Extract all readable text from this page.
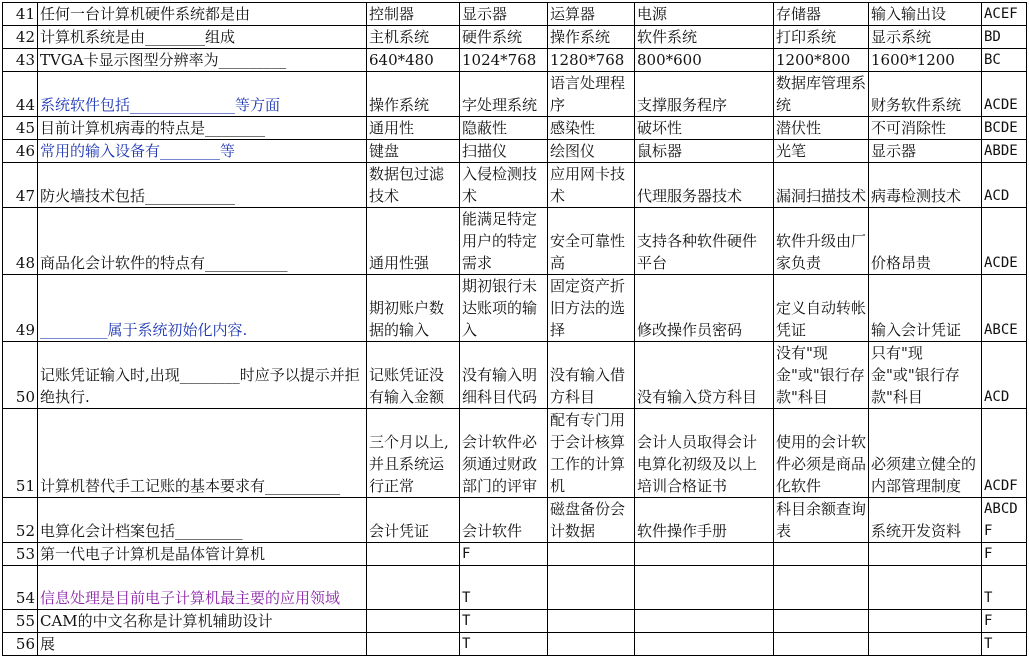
41	任何一台计算机硬件系统都是由	控制器	显示器	运算器	电源	存储器	输入输出设	ACEF
42	计算机系统是由________组成	主机系统	硬件系统	操作系统	软件系统	打印系统	显示系统	BD
43	TVGA卡显示图型分辨率为_________	640*480	1024*768	1280*768	800*600	1200*800	1600*1200	BC
44	系统软件包括______________等方面	操作系统	字处理系统	语言处理程序	支撑服务程序	数据库管理系统	财务软件系统	ACDE
45	目前计算机病毒的特点是________	通用性	隐蔽性	感染性	破坏性	潜伏性	不可消除性	BCDE
46	常用的输入设备有________等	键盘	扫描仪	绘图仪	鼠标器	光笔	显示器	ABDE
47	防火墙技术包括____________	数据包过滤技术	入侵检测技术	应用网卡技术	代理服务器技术	漏洞扫描技术	病毒检测技术	ACD
48	商品化会计软件的特点有___________	通用性强	能满足特定用户的特定需求	安全可靠性高	支持各种软件硬件平台	软件升级由厂家负责	价格昂贵	ACDE
49	_________属于系统初始化内容.	期初账户数据的输入	期初银行未达账项的输入	固定资产折旧方法的选择	修改操作员密码	定义自动转帐凭证	输入会计凭证	ABCE
50	记账凭证输入时,出现________时应予以提示并拒绝执行.	记账凭证没有输入金额	没有输入明细科目代码	没有输入借方科目	没有输入贷方科目	没有"现金"或"银行存款"科目	只有"现金"或"银行存款"科目	ACD
51	计算机替代手工记账的基本要求有__________	三个月以上,并且系统运行正常	会计软件必须通过财政部门的评审	配有专门用于会计核算工作的计算机	会计人员取得会计电算化初级及以上培训合格证书	使用的会计软件必须是商品化软件	必须建立健全的内部管理制度	ACDF
52	电算化会计档案包括_________	会计凭证	会计软件	磁盘备份会计数据	软件操作手册	科目余额查询表	系统开发资料	ABCDF
53	第一代电子计算机是晶体管计算机		F					F
54	信息处理是目前电子计算机最主要的应用领域		T					T
55	CAM的中文名称是计算机辅助设计		T					F
56	展		T					T
